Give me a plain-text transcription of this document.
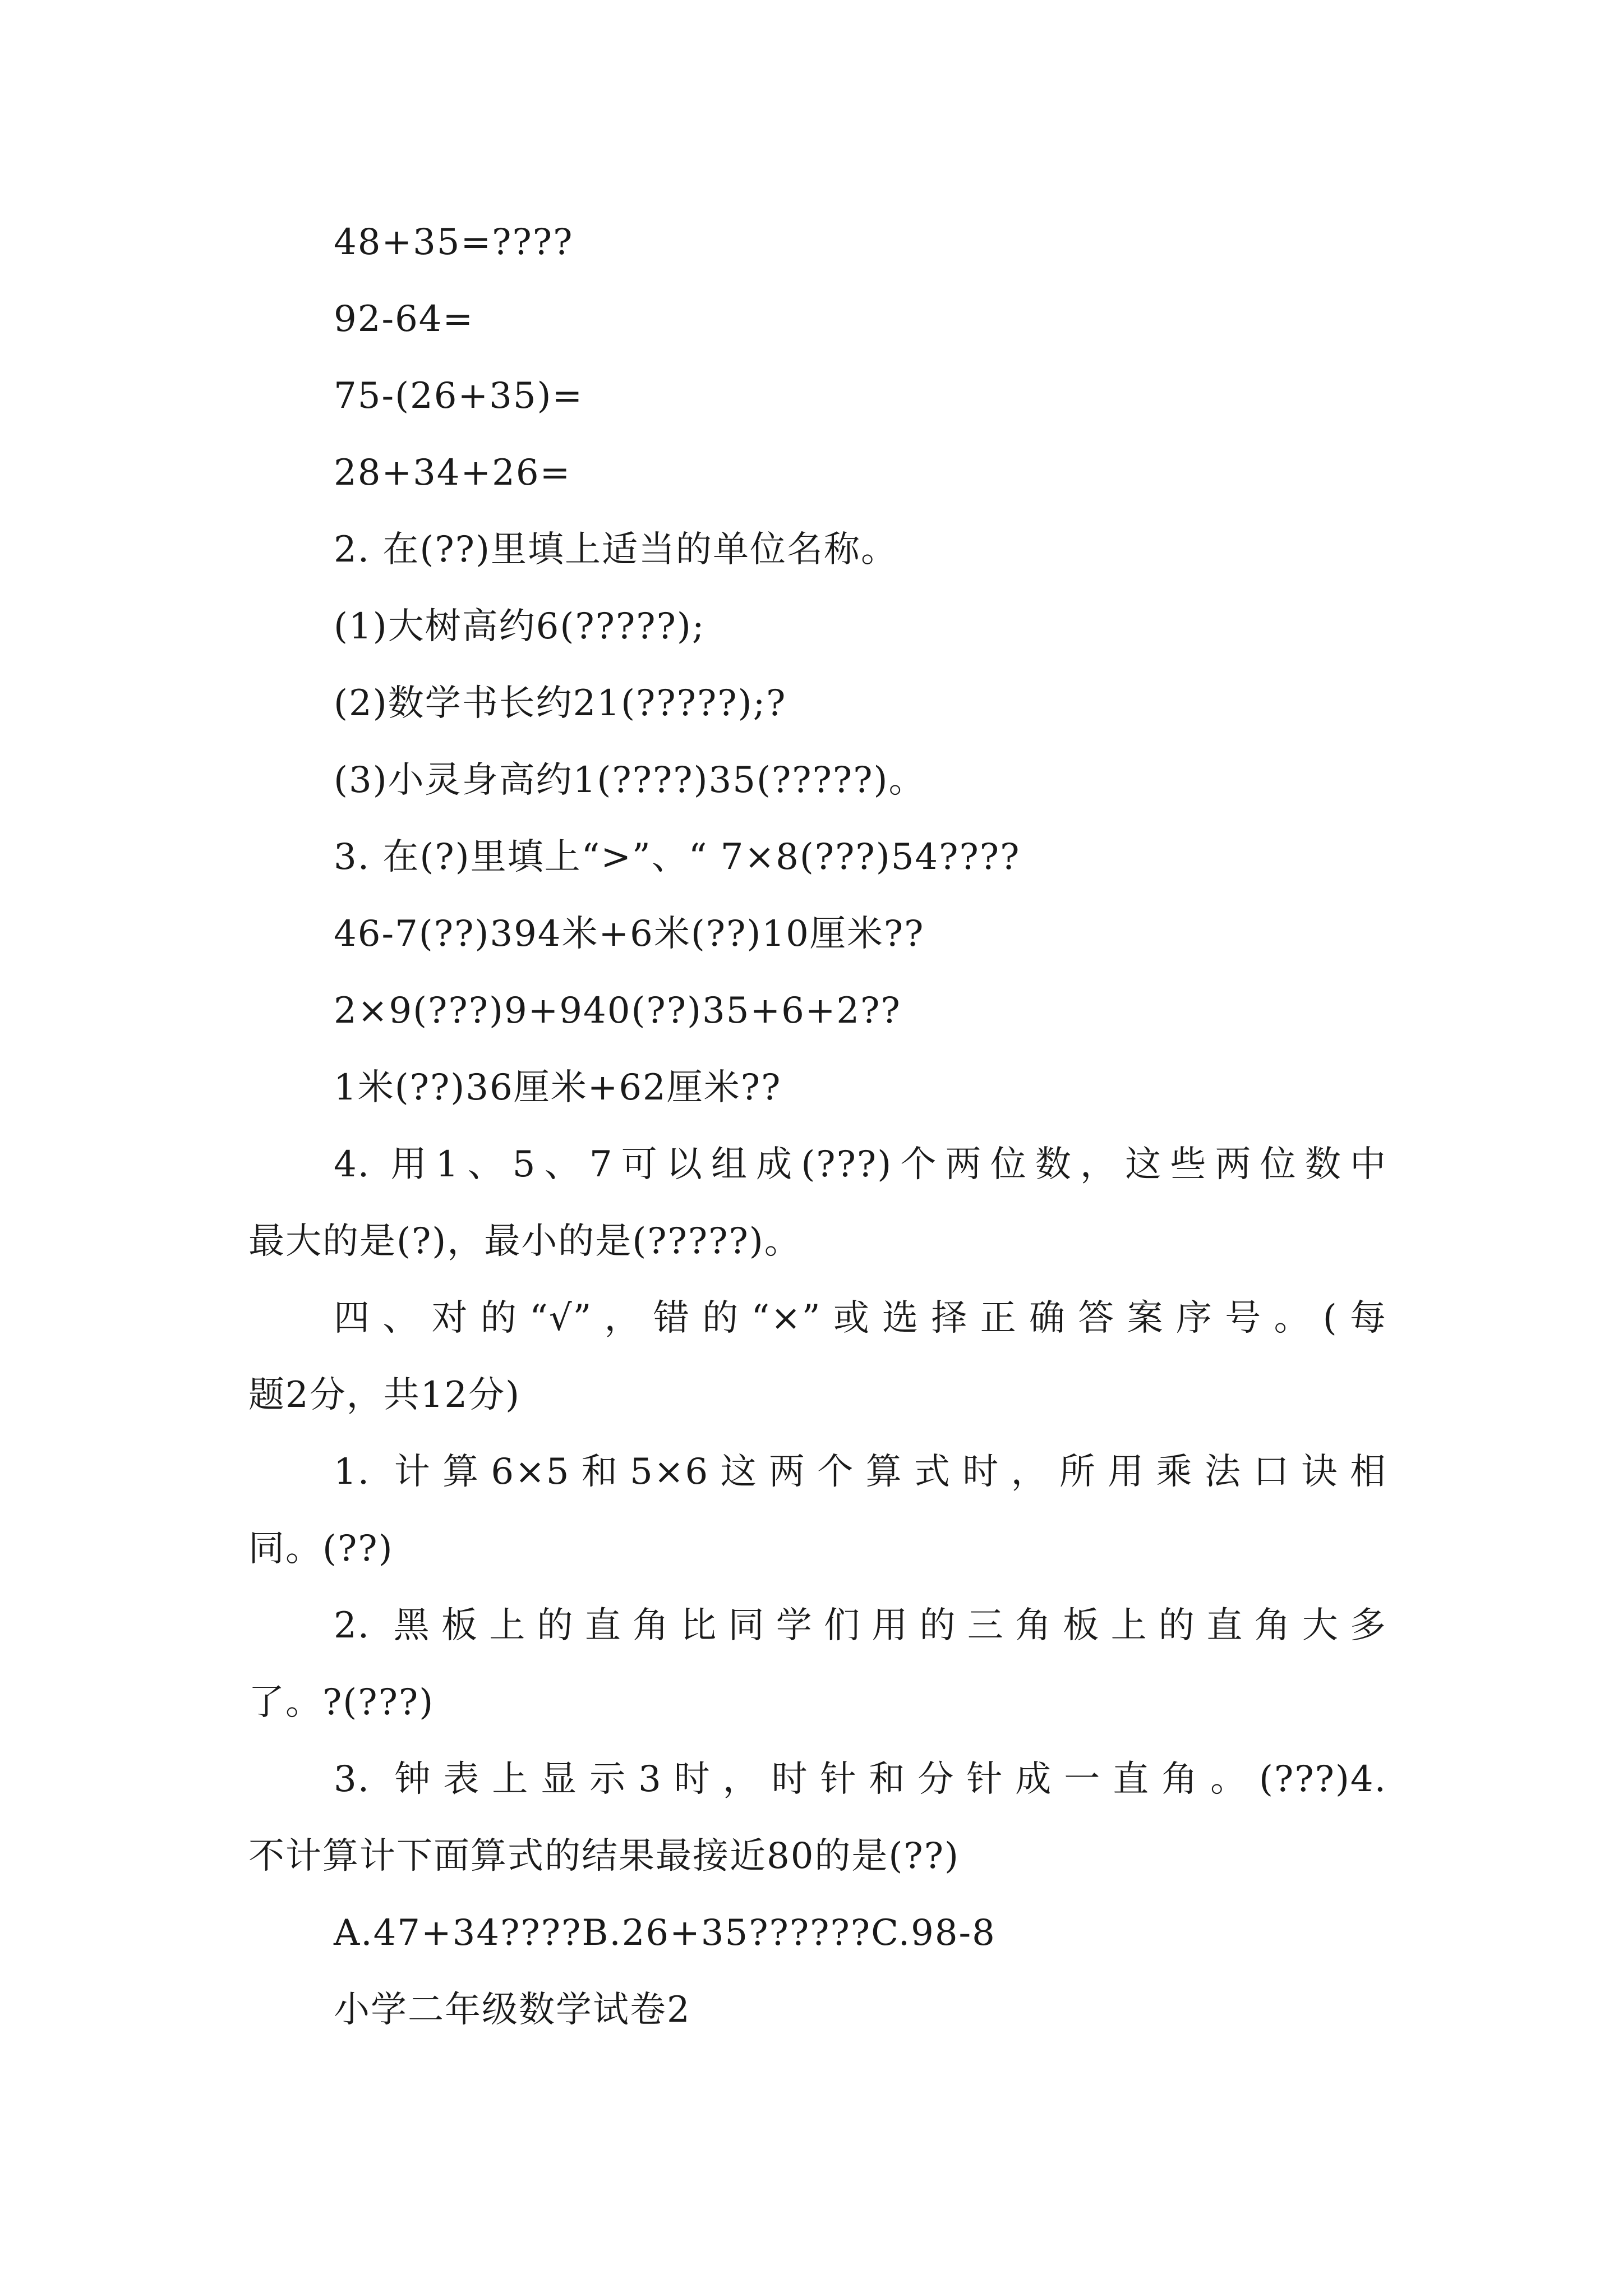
48+35=????
92-64=
75-(26+35)=
28+34+26=
2. 在(??)里填上适当的单位名称。
(1)大树高约6(?????);
(2)数学书长约21(?????);?
(3)小灵身高约1(????)35(?????)。
3. 在(?)里填上“>”、“ 7×8(???)54????
46-7(??)394米+6米(??)10厘米??
2×9(???)9+940(??)35+6+2??
1米(??)36厘米+62厘米??
4. 用1、5、7可以组成(???)个两位数，这些两位数中
最大的是(?)，最小的是(?????)。
四、对的“√”，错的“×”或选择正确答案序号。(每
题2分，共12分)
1. 计算6×5和5×6这两个算式时，所用乘法口诀相
同。(??)
2. 黑板上的直角比同学们用的三角板上的直角大多
了。?(???)
3. 钟表上显示3时，时针和分针成一直角。(???)4.
不计算计下面算式的结果最接近80的是(??)
A.47+34????B.26+35??????C.98-8
小学二年级数学试卷2
